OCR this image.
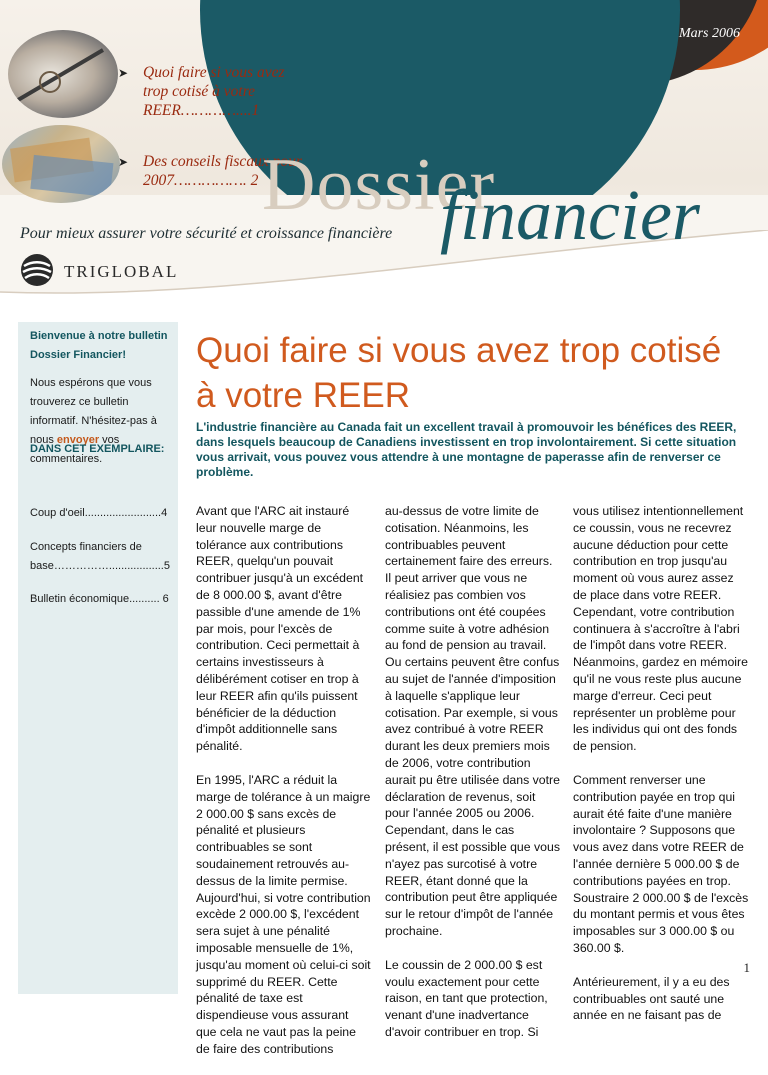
Mars 2006
➤ Quoi faire si vous avez trop cotisé à votre REER…………....1
➤ Des conseils fiscaux pour 2007……………. 2 Dossier
financier
Pour mieux assurer votre sécurité et croissance financière
TRIGLOBAL
Bienvenue à notre bulletin Dossier Financier!
Nous espérons que vous trouverez ce bulletin informatif. N'hésitez-pas à nous envoyer vos commentaires.
DANS CET EXEMPLAIRE:
Coup d'oeil.........................4
Concepts financiers de base……………..................5
Bulletin économique.......... 6
Quoi faire si vous avez trop cotisé à votre REER
L'industrie financière au Canada fait un excellent travail à promouvoir les bénéfices des REER, dans lesquels beaucoup de Canadiens investissent en trop involontairement. Si cette situation vous arrivait, vous pouvez vous attendre à une montagne de paperasse afin de renverser ce problème.

Avant que l'ARC ait instauré leur nouvelle marge de tolérance aux contributions REER, quelqu'un pouvait contribuer jusqu'à un excédent de 8 000.00 $, avant d'être passible d'une amende de 1% par mois, pour l'excès de contribution. Ceci permettait à certains investisseurs à délibérément cotiser en trop à leur REER afin qu'ils puissent bénéficier de la déduction d'impôt additionnelle sans pénalité.

En 1995, l'ARC a réduit la marge de tolérance à un maigre 2 000.00 $ sans excès de pénalité et plusieurs contribuables se sont soudainement retrouvés au-dessus de la limite permise. Aujourd'hui, si votre contribution excède 2 000.00 $, l'excédent sera sujet à une pénalité imposable mensuelle de 1%, jusqu'au moment où celui-ci soit supprimé du REER. Cette pénalité de taxe est dispendieuse vous assurant que cela ne vaut pas la peine de faire des contributions

au-dessus de votre limite de cotisation. Néanmoins, les contribuables peuvent certainement faire des erreurs. Il peut arriver que vous ne réalisiez pas combien vos contributions ont été coupées comme suite à votre adhésion au fond de pension au travail. Ou certains peuvent être confus au sujet de l'année d'imposition à laquelle s'applique leur cotisation. Par exemple, si vous avez contribué à votre REER durant les deux premiers mois de 2006, votre contribution aurait pu être utilisée dans votre déclaration de revenus, soit pour l'année 2005 ou 2006. Cependant, dans le cas présent, il est possible que vous n'ayez pas surcotisé à votre REER, étant donné que la contribution peut être appliquée sur le retour d'impôt de l'année prochaine.

Le coussin de 2 000.00 $ est voulu exactement pour cette raison, en tant que protection, venant d'une inadvertance d'avoir contribuer en trop. Si

vous utilisez intentionnellement ce coussin, vous ne recevrez aucune déduction pour cette contribution en trop jusqu'au moment où vous aurez assez de place dans votre REER. Cependant, votre contribution continuera à s'accroître à l'abri de l'impôt dans votre REER. Néanmoins, gardez en mémoire qu'il ne vous reste plus aucune marge d'erreur. Ceci peut représenter un problème pour les individus qui ont des fonds de pension.

Comment renverser une contribution payée en trop qui aurait été faite d'une manière involontaire ? Supposons que vous avez dans votre REER de l'année dernière 5 000.00 $ de contributions payées en trop. Soustraire 2 000.00 $ de l'excès du montant permis et vous êtes imposables sur 3 000.00 $ ou 360.00 $.

Antérieurement, il y a eu des contribuables ont sauté une année en ne faisant pas de

1
